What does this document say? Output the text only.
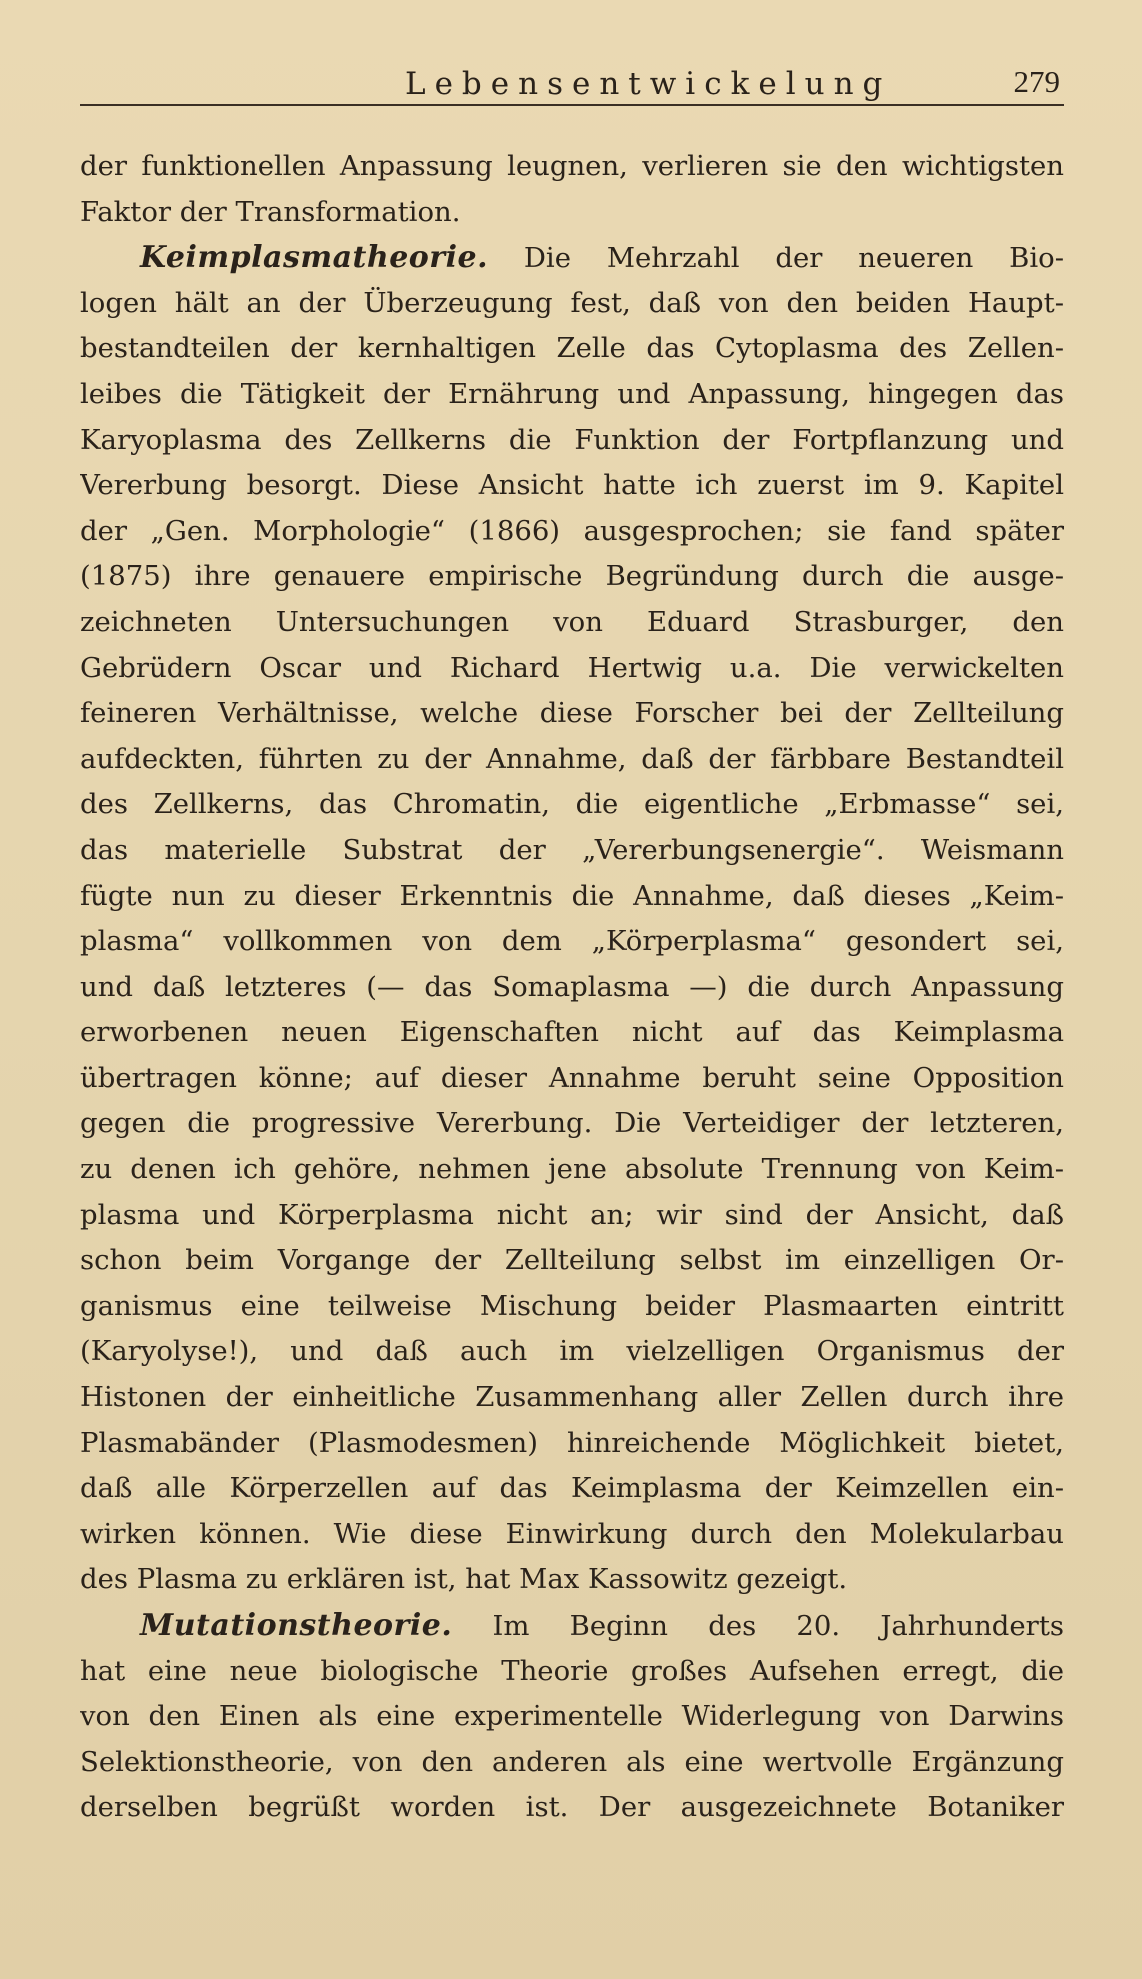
Lebensentwickelung	279
der funktionellen Anpassung leugnen, verlieren sie den wichtigsten
Faktor der Transformation.
Keimplasmatheorie. Die Mehrzahl der neueren Bio-
logen hält an der Überzeugung fest, daß von den beiden Haupt-
bestandteilen der kernhaltigen Zelle das Cytoplasma des Zellen-
leibes die Tätigkeit der Ernährung und Anpassung, hingegen das
Karyoplasma des Zellkerns die Funktion der Fortpflanzung und
Vererbung besorgt. Diese Ansicht hatte ich zuerst im 9. Kapitel
der „Gen. Morphologie“ (1866) ausgesprochen; sie fand später
(1875) ihre genauere empirische Begründung durch die ausge-
zeichneten Untersuchungen von Eduard Strasburger, den
Gebrüdern Oscar und Richard Hertwig u.a. Die verwickelten
feineren Verhältnisse, welche diese Forscher bei der Zellteilung
aufdeckten, führten zu der Annahme, daß der färbbare Bestandteil
des Zellkerns, das Chromatin, die eigentliche „Erbmasse“ sei,
das materielle Substrat der „Vererbungsenergie“. Weismann
fügte nun zu dieser Erkenntnis die Annahme, daß dieses „Keim-
plasma“ vollkommen von dem „Körperplasma“ gesondert sei,
und daß letzteres (— das Somaplasma —) die durch Anpassung
erworbenen neuen Eigenschaften nicht auf das Keimplasma
übertragen könne; auf dieser Annahme beruht seine Opposition
gegen die progressive Vererbung. Die Verteidiger der letzteren,
zu denen ich gehöre, nehmen jene absolute Trennung von Keim-
plasma und Körperplasma nicht an; wir sind der Ansicht, daß
schon beim Vorgange der Zellteilung selbst im einzelligen Or-
ganismus eine teilweise Mischung beider Plasmaarten eintritt
(Karyolyse!), und daß auch im vielzelligen Organismus der
Histonen der einheitliche Zusammenhang aller Zellen durch ihre
Plasmabänder (Plasmodesmen) hinreichende Möglichkeit bietet,
daß alle Körperzellen auf das Keimplasma der Keimzellen ein-
wirken können. Wie diese Einwirkung durch den Molekularbau
des Plasma zu erklären ist, hat Max Kassowitz gezeigt.
Mutationstheorie. Im Beginn des 20. Jahrhunderts
hat eine neue biologische Theorie großes Aufsehen erregt, die
von den Einen als eine experimentelle Widerlegung von Darwins
Selektionstheorie, von den anderen als eine wertvolle Ergänzung
derselben begrüßt worden ist. Der ausgezeichnete Botaniker
